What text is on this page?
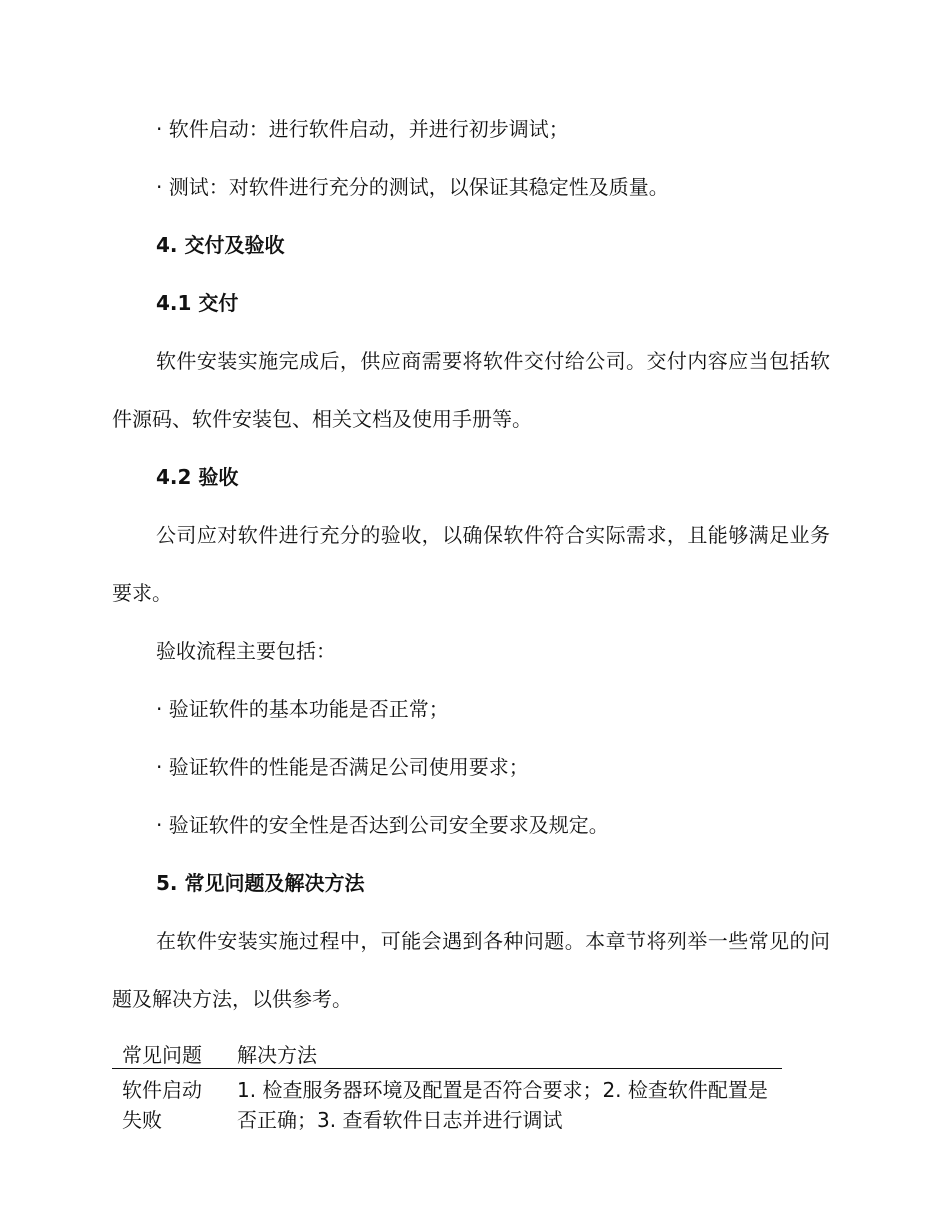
· 软件启动：进行软件启动，并进行初步调试；

· 测试：对软件进行充分的测试，以保证其稳定性及质量。

4. 交付及验收

4.1 交付

软件安装实施完成后，供应商需要将软件交付给公司。交付内容应当包括软件源码、软件安装包、相关文档及使用手册等。

4.2 验收

公司应对软件进行充分的验收，以确保软件符合实际需求，且能够满足业务要求。

验收流程主要包括：

· 验证软件的基本功能是否正常；

· 验证软件的性能是否满足公司使用要求；

· 验证软件的安全性是否达到公司安全要求及规定。

5. 常见问题及解决方法

在软件安装实施过程中，可能会遇到各种问题。本章节将列举一些常见的问题及解决方法，以供参考。

常见问题	解决方法
软件启动失败	1. 检查服务器环境及配置是否符合要求；2. 检查软件配置是否正确；3. 查看软件日志并进行调试
